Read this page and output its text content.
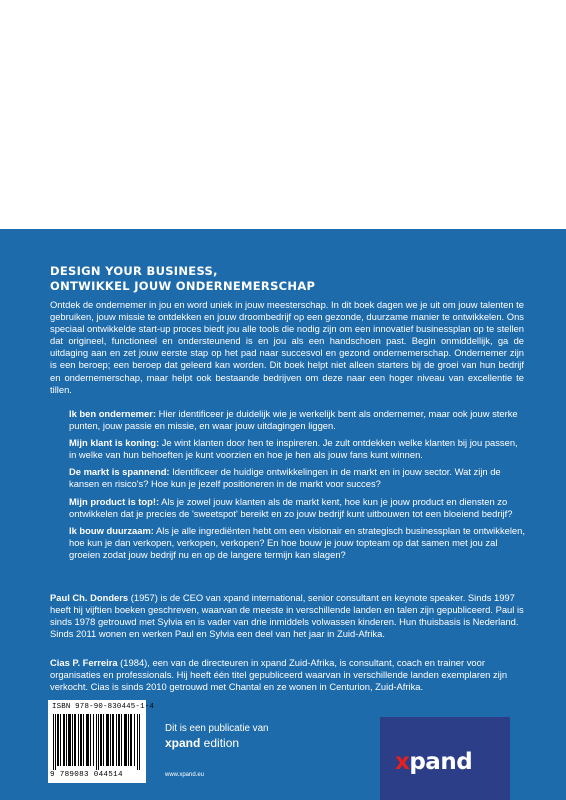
DESIGN YOUR BUSINESS,
ONTWIKKEL JOUW ONDERNEMERSCHAP

Ontdek de ondernemer in jou en word uniek in jouw meesterschap. In dit boek dagen we je uit om jouw talenten te gebruiken, jouw missie te ontdekken en jouw droombedrijf op een gezonde, duurzame manier te ontwikkelen. Ons speciaal ontwikkelde start-up proces biedt jou alle tools die nodig zijn om een innovatief businessplan op te stellen dat origineel, functioneel en ondersteunend is en jou als een handschoen past. Begin onmiddellijk, ga de uitdaging aan en zet jouw eerste stap op het pad naar succesvol en gezond ondernemerschap. Ondernemer zijn is een beroep; een beroep dat geleerd kan worden. Dit boek helpt niet alleen starters bij de groei van hun bedrijf en ondernemerschap, maar helpt ook bestaande bedrijven om deze naar een hoger niveau van excellentie te tillen.

Ik ben ondernemer: Hier identificeer je duidelijk wie je werkelijk bent als ondernemer, maar ook jouw sterke punten, jouw passie en missie, en waar jouw uitdagingen liggen.
Mijn klant is koning: Je wint klanten door hen te inspireren. Je zult ontdekken welke klanten bij jou passen, in welke van hun behoeften je kunt voorzien en hoe je hen als jouw fans kunt winnen.
De markt is spannend: Identificeer de huidige ontwikkelingen in de markt en in jouw sector. Wat zijn de kansen en risico's? Hoe kun je jezelf positioneren in de markt voor succes?
Mijn product is top!: Als je zowel jouw klanten als de markt kent, hoe kun je jouw product en diensten zo ontwikkelen dat je precies de 'sweetspot' bereikt en zo jouw bedrijf kunt uitbouwen tot een bloeiend bedrijf?
Ik bouw duurzaam: Als je alle ingrediënten hebt om een visionair en strategisch businessplan te ontwikkelen, hoe kun je dan verkopen, verkopen, verkopen? En hoe bouw je jouw topteam op dat samen met jou zal groeien zodat jouw bedrijf nu en op de langere termijn kan slagen?

Paul Ch. Donders (1957) is de CEO van xpand international, senior consultant en keynote speaker. Sinds 1997 heeft hij vijftien boeken geschreven, waarvan de meeste in verschillende landen en talen zijn gepubliceerd. Paul is sinds 1978 getrouwd met Sylvia en is vader van drie inmiddels volwassen kinderen. Hun thuisbasis is Nederland. Sinds 2011 wonen en werken Paul en Sylvia een deel van het jaar in Zuid-Afrika.

Cias P. Ferreira (1984), een van de directeuren in xpand Zuid-Afrika, is consultant, coach en trainer voor organisaties en professionals. Hij heeft één titel gepubliceerd waarvan in verschillende landen exemplaren zijn verkocht. Cias is sinds 2010 getrouwd met Chantal en ze wonen in Centurion, Zuid-Afrika.

ISBN 978-90-830445-1-4
9 789083 044514

Dit is een publicatie van

xpand edition

www.xpand.eu	xpand
